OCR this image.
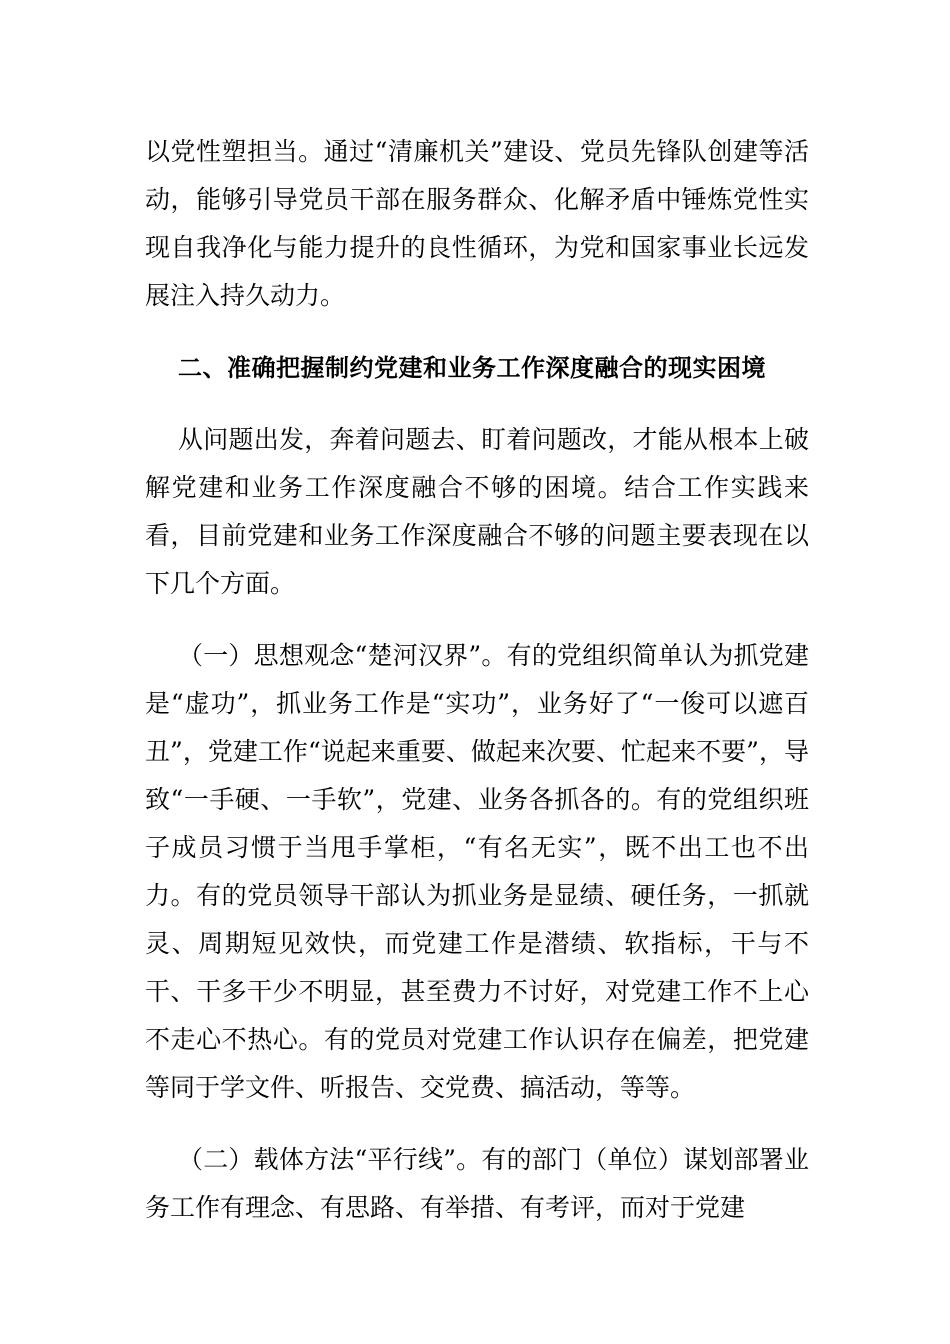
以党性塑担当。通过“清廉机关”建设、党员先锋队创建等活动，能够引导党员干部在服务群众、化解矛盾中锤炼党性实现自我净化与能力提升的良性循环，为党和国家事业长远发展注入持久动力。

二、准确把握制约党建和业务工作深度融合的现实困境

从问题出发，奔着问题去、盯着问题改，才能从根本上破解党建和业务工作深度融合不够的困境。结合工作实践来看，目前党建和业务工作深度融合不够的问题主要表现在以下几个方面。

（一）思想观念“楚河汉界”。有的党组织简单认为抓党建是“虚功”，抓业务工作是“实功”，业务好了“一俊可以遮百丑”，党建工作“说起来重要、做起来次要、忙起来不要”，导致“一手硬、一手软”，党建、业务各抓各的。有的党组织班子成员习惯于当甩手掌柜，“有名无实”，既不出工也不出力。有的党员领导干部认为抓业务是显绩、硬任务，一抓就灵、周期短见效快，而党建工作是潜绩、软指标，干与不干、干多干少不明显，甚至费力不讨好，对党建工作不上心不走心不热心。有的党员对党建工作认识存在偏差，把党建等同于学文件、听报告、交党费、搞活动，等等。

（二）载体方法“平行线”。有的部门（单位）谋划部署业务工作有理念、有思路、有举措、有考评，而对于党建
